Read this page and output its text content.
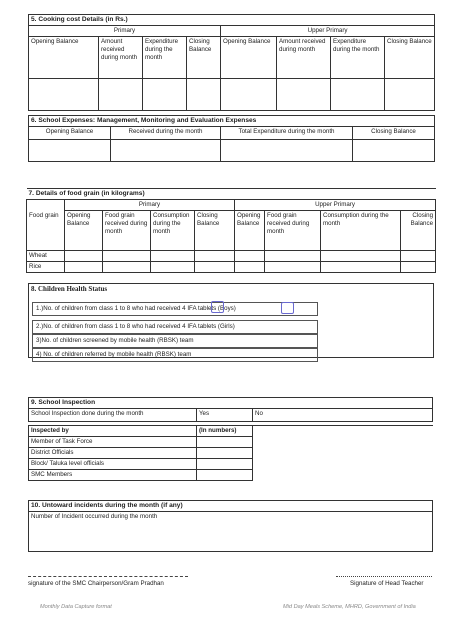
5. Cooking cost Details (in Rs.)							
Primary				Upper Primary			
Opening Balance	Amount received during month	Expenditure during the month	Closing Balance	Opening Balance	Amount received during month	Expenditure during the month	Closing Balance

6. School Expenses: Management, Monitoring and Evaluation Expenses			
Opening Balance	Received during the month	Total Expenditure during the month	Closing Balance

7. Details of food grain (in kilograms)								
	Primary				Upper Primary			
Food grain	Opening Balance	Food grain received during month	Consumption during the month	Closing Balance	Opening Balance	Food grain received during month	Consumption during the month	Closing Balance
Wheat								
Rice								
8. Children Health Status
1.)No. of children from class 1 to 8 who had received 4 IFA tablets (Boys)
2.)No. of children from class 1 to 8 who had received 4 IFA tablets (Girls)
3)No. of children screened by mobile health (RBSK) team
4) No. of children referred by mobile health (RBSK) team
9. School Inspection		
School Inspection done during the month	Yes	No

Inspected by	(In numbers)	
Member of Task Force		
District Officials		
Block/ Taluka level officials		
SMC Members		
10. Untoward incidents during the month (if any)
Number of Incident occurred during the month
signature of the SMC Chairperson/Gram Pradhan	Signature of Head Teacher
Monthly Data Capture format	Mid Day Meals Scheme, MHRD, Government of India
